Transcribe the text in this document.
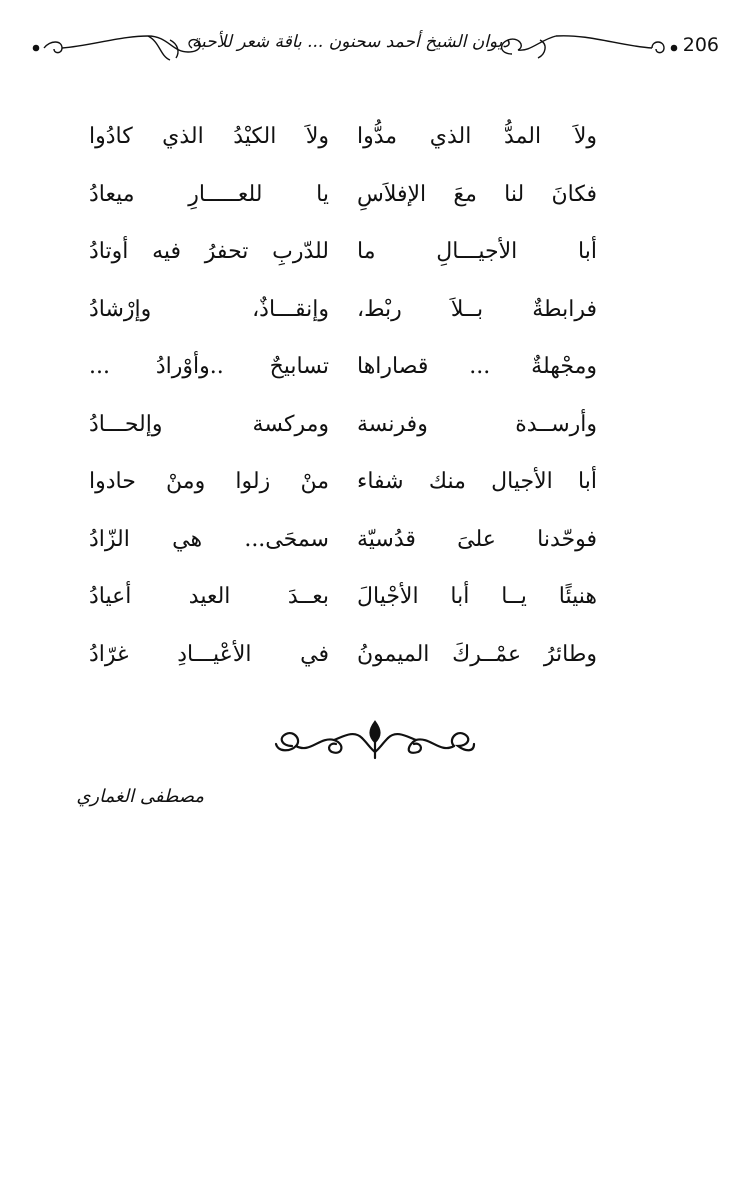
206
ديوان الشيخ أحمد سحنون ... باقة شعر للأحبة
ولاَ المدُّ الذي مدُّوا
ولاَ الكيْدُ الذي كادُوا
فكانَ لنا معَ الإفلاَسِ
يا للعـــــارِ ميعادُ
أبا الأجيـــالِ ما
للدّربِ تحفرُ فيه أوتادُ
فرابطةٌ بــلاَ ربْط،
وإنقـــاذٌ، وإرْشادُ
ومجْهلةٌ ... قصاراها
تسابيحٌ ..وأوْرادُ ...
وأرســدة وفرنسة
ومركسة وإلحـــادُ
أبا الأجيال منك شفاء
منْ زلوا ومنْ حادوا
فوحّدنا علىَ قدُسيّة
سمحَى... هي الزّادُ
هنيئًا يــا أبا الأجْيالَ
بعــدَ العيد أعيادُ
وطائرُ عمْــركَ الميمونُ
في الأعْيـــادِ غرّادُ
مصطفى الغماري
